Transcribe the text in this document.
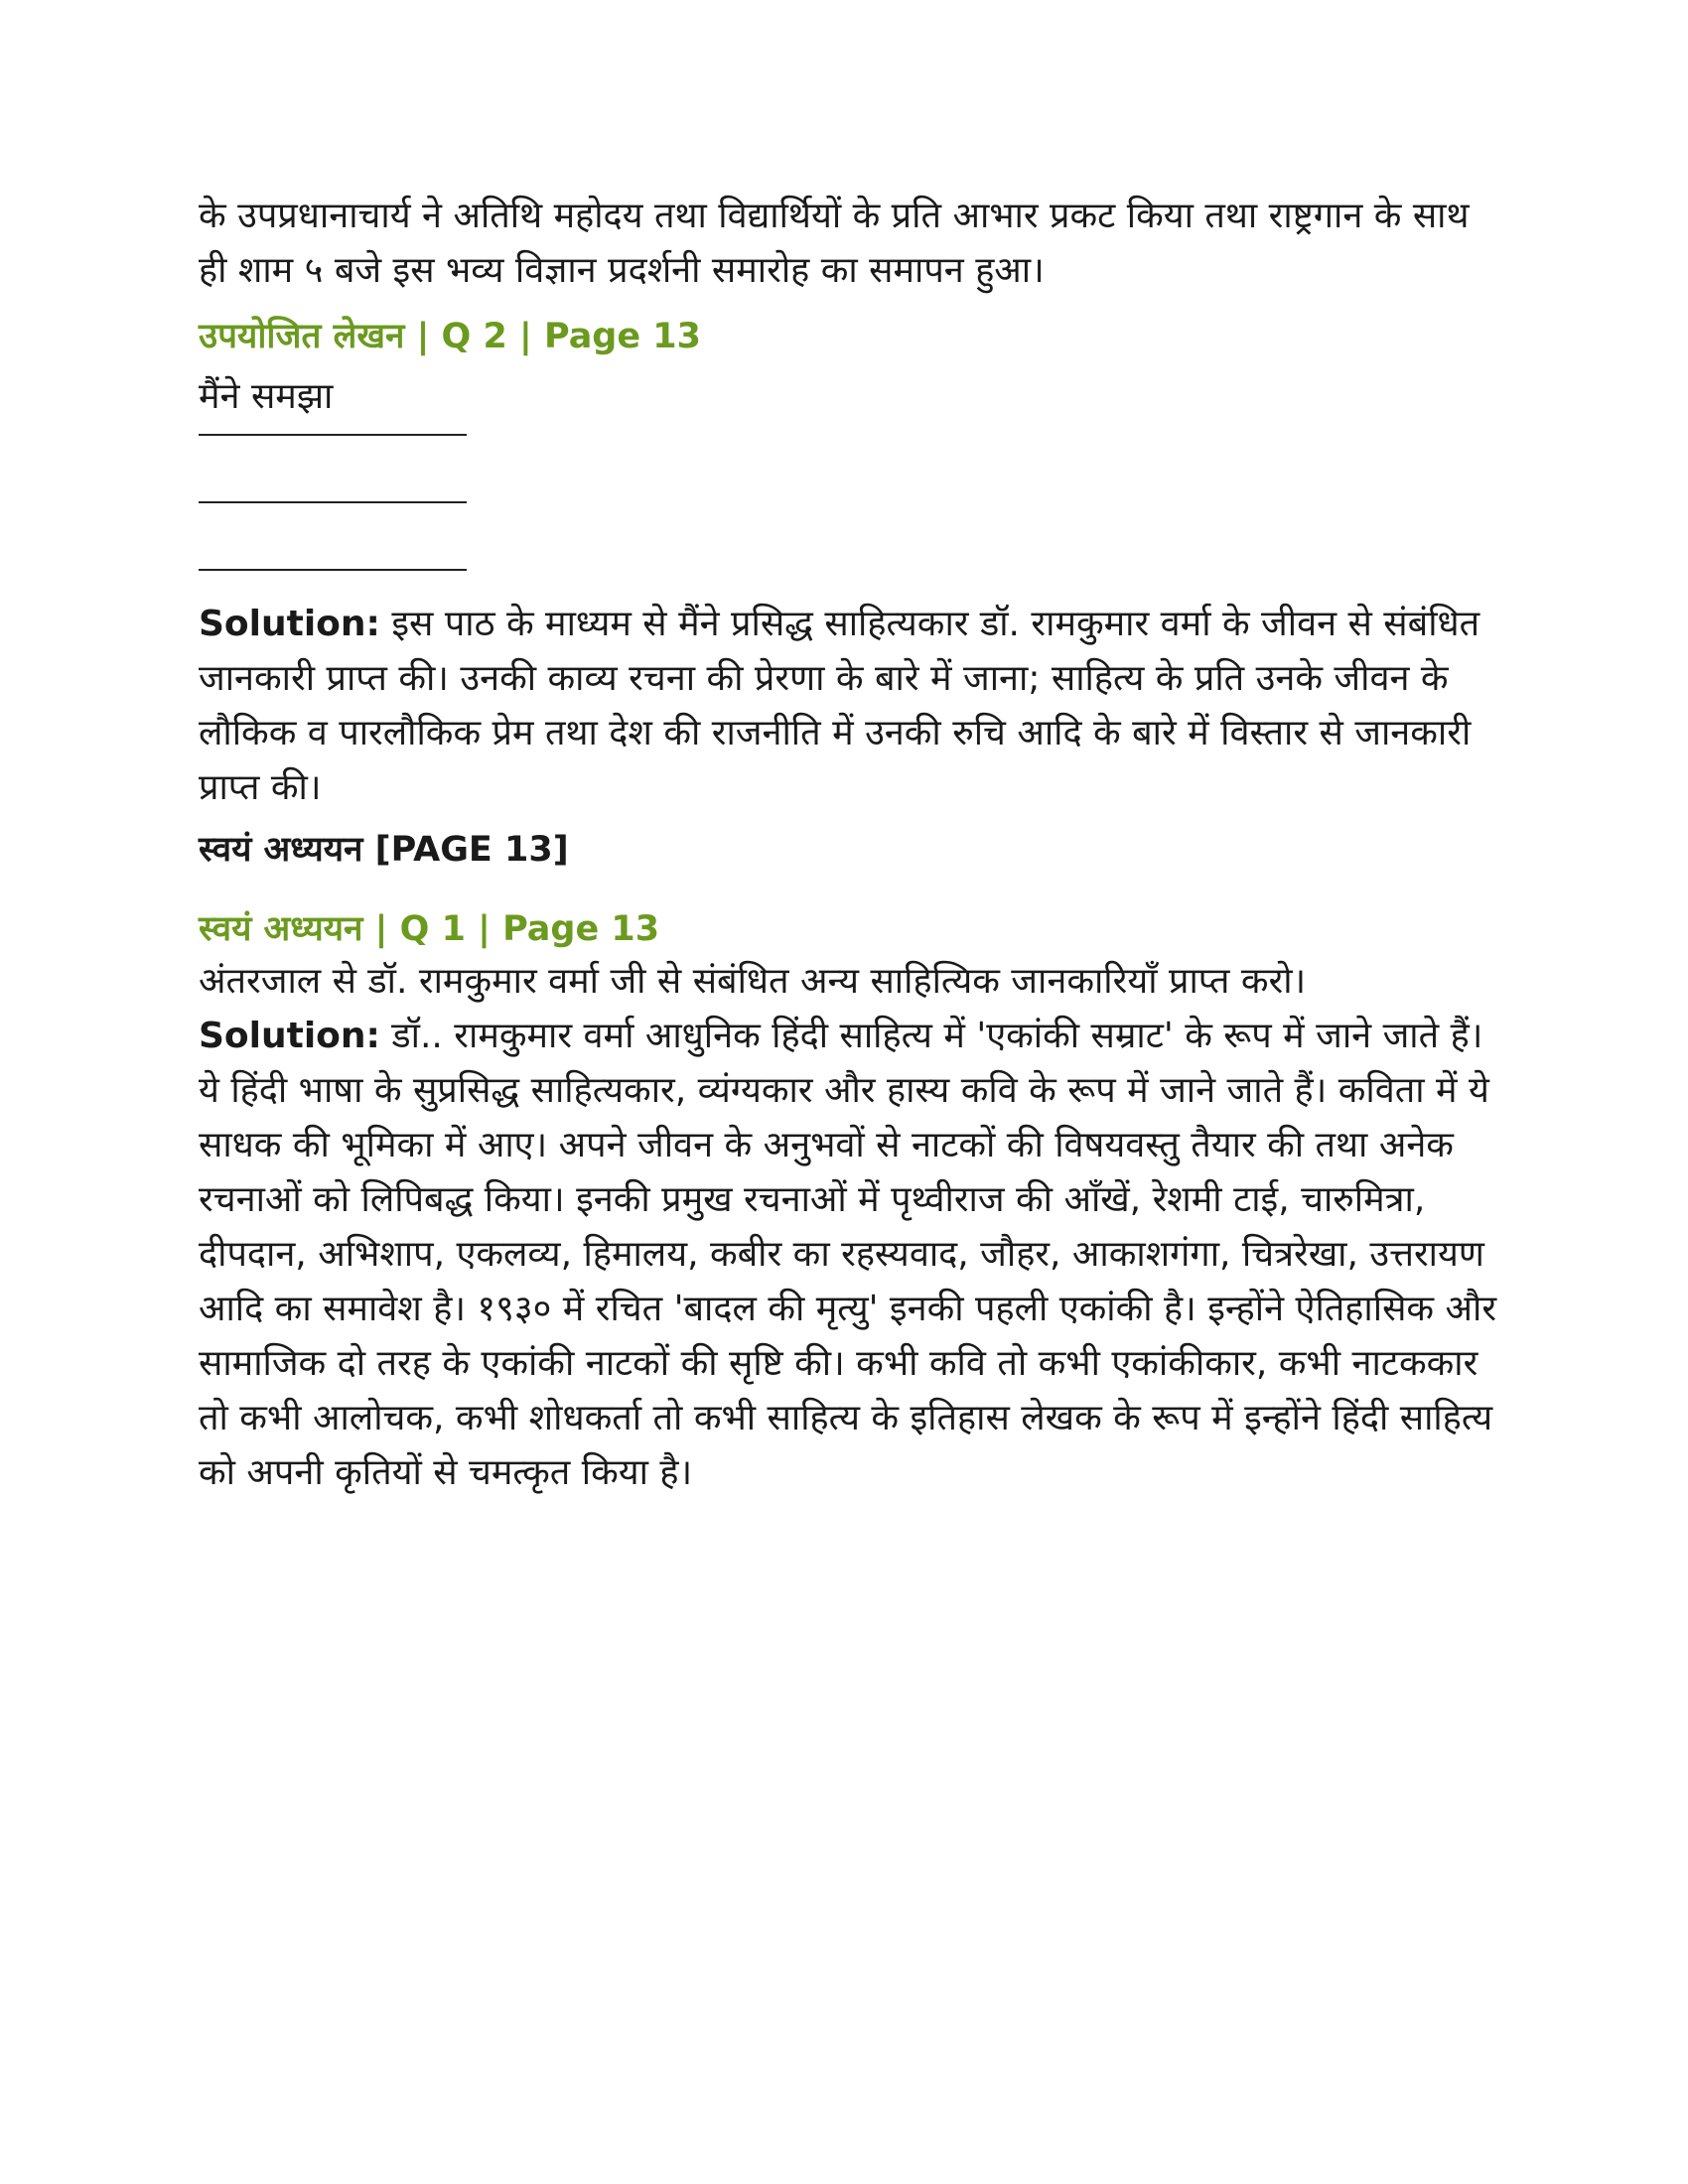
के उपप्रधानाचार्य ने अतिथि महोदय तथा विद्यार्थियों के प्रति आभार प्रकट किया तथा राष्ट्रगान के साथ ही शाम ५ बजे इस भव्य विज्ञान प्रदर्शनी समारोह का समापन हुआ।

उपयोजित लेखन | Q 2 | Page 13

मैंने समझा

Solution: इस पाठ के माध्यम से मैंने प्रसिद्ध साहित्यकार डॉ. रामकुमार वर्मा के जीवन से संबंधित जानकारी प्राप्त की। उनकी काव्य रचना की प्रेरणा के बारे में जाना; साहित्य के प्रति उनके जीवन के लौकिक व पारलौकिक प्रेम तथा देश की राजनीति में उनकी रुचि आदि के बारे में विस्तार से जानकारी प्राप्त की।

स्वयं अध्ययन [PAGE 13]
स्वयं अध्ययन | Q 1 | Page 13

अंतरजाल से डॉ. रामकुमार वर्मा जी से संबंधित अन्य साहित्यिक जानकारियाँ प्राप्त करो।

Solution: डॉ.. रामकुमार वर्मा आधुनिक हिंदी साहित्य में 'एकांकी सम्राट' के रूप में जाने जाते हैं। ये हिंदी भाषा के सुप्रसिद्ध साहित्यकार, व्यंग्यकार और हास्य कवि के रूप में जाने जाते हैं। कविता में ये साधक की भूमिका में आए। अपने जीवन के अनुभवों से नाटकों की विषयवस्तु तैयार की तथा अनेक रचनाओं को लिपिबद्ध किया। इनकी प्रमुख रचनाओं में पृथ्वीराज की आँखें, रेशमी टाई, चारुमित्रा, दीपदान, अभिशाप, एकलव्य, हिमालय, कबीर का रहस्यवाद, जौहर, आकाशगंगा, चित्ररेखा, उत्तरायण आदि का समावेश है। १९३० में रचित 'बादल की मृत्यु' इनकी पहली एकांकी है। इन्होंने ऐतिहासिक और सामाजिक दो तरह के एकांकी नाटकों की सृष्टि की। कभी कवि तो कभी एकांकीकार, कभी नाटककार तो कभी आलोचक, कभी शोधकर्ता तो कभी साहित्य के इतिहास लेखक के रूप में इन्होंने हिंदी साहित्य को अपनी कृतियों से चमत्कृत किया है।
